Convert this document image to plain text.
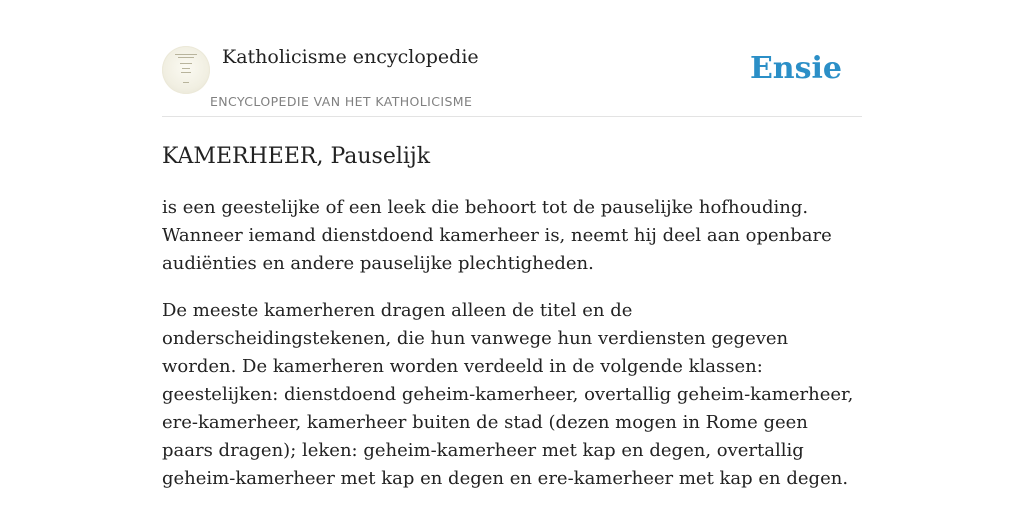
Katholicisme encyclopedie
ENCYCLOPEDIE VAN HET KATHOLICISME
Ensie
KAMERHEER, Pauselijk

is een geestelijke of een leek die behoort tot de pauselijke hofhouding. Wanneer iemand dienstdoend kamerheer is, neemt hij deel aan openbare audiënties en andere pauselijke plechtigheden.

De meeste kamerheren dragen alleen de titel en de onderscheidingstekenen, die hun vanwege hun verdiensten gegeven worden. De kamerheren worden verdeeld in de volgende klassen: geestelijken: dienstdoend geheim-kamerheer, overtallig geheim-kamerheer, ere-kamerheer, kamerheer buiten de stad (dezen mogen in Rome geen paars dragen); leken: geheim-kamerheer met kap en degen, overtallig geheim-kamerheer met kap en degen en ere-kamerheer met kap en degen.
